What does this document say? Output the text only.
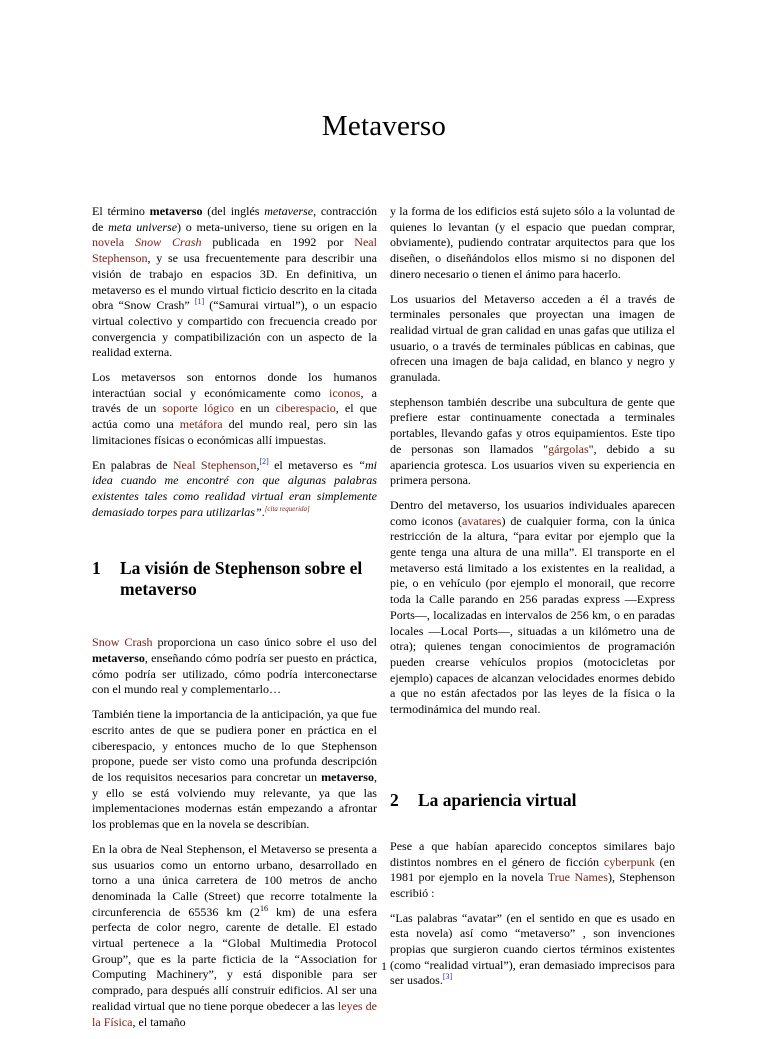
Metaverso

El término metaverso (del inglés metaverse, contracción de meta universe) o meta-universo, tiene su origen en la novela Snow Crash publicada en 1992 por Neal Stephenson, y se usa frecuentemente para describir una visión de trabajo en espacios 3D. En definitiva, un metaverso es el mundo virtual ficticio descrito en la citada obra “Snow Crash” [1] (“Samurai virtual”), o un espacio virtual colectivo y compartido con frecuencia creado por convergencia y compatibilización con un aspecto de la realidad externa.

Los metaversos son entornos donde los humanos interactúan social y económicamente como iconos, a través de un soporte lógico en un ciberespacio, el que actúa como una metáfora del mundo real, pero sin las limitaciones físicas o económicas allí impuestas.

En palabras de Neal Stephenson,[2] el metaverso es “mi idea cuando me encontré con que algunas palabras existentes tales como realidad virtual eran simplemente demasiado torpes para utilizarlas”.[cita requerida]

1	La visión de Stephenson sobre el metaverso

Snow Crash proporciona un caso único sobre el uso del metaverso, enseñando cómo podría ser puesto en práctica, cómo podría ser utilizado, cómo podría interconectarse con el mundo real y complementarlo…

También tiene la importancia de la anticipación, ya que fue escrito antes de que se pudiera poner en práctica en el ciberespacio, y entonces mucho de lo que Stephenson propone, puede ser visto como una profunda descripción de los requisitos necesarios para concretar un metaverso, y ello se está volviendo muy relevante, ya que las implementaciones modernas están empezando a afrontar los problemas que en la novela se describían.

En la obra de Neal Stephenson, el Metaverso se presenta a sus usuarios como un entorno urbano, desarrollado en torno a una única carretera de 100 metros de ancho denominada la Calle (Street) que recorre totalmente la circunferencia de 65536 km ($2^{16}$ km) de una esfera perfecta de color negro, carente de detalle. El estado virtual pertenece a la “Global Multimedia Protocol Group”, que es la parte ficticia de la “Association for Computing Machinery”, y está disponible para ser comprado, para después allí construir edificios. Al ser una realidad virtual que no tiene porque obedecer a las leyes de la Física, el tamaño

y la forma de los edificios está sujeto sólo a la voluntad de quienes lo levantan (y el espacio que puedan comprar, obviamente), pudiendo contratar arquitectos para que los diseñen, o diseñándolos ellos mismo si no disponen del dinero necesario o tienen el ánimo para hacerlo.

Los usuarios del Metaverso acceden a él a través de terminales personales que proyectan una imagen de realidad virtual de gran calidad en unas gafas que utiliza el usuario, o a través de terminales públicas en cabinas, que ofrecen una imagen de baja calidad, en blanco y negro y granulada.

stephenson también describe una subcultura de gente que prefiere estar continuamente conectada a terminales portables, llevando gafas y otros equipamientos. Este tipo de personas son llamados "gárgolas", debido a su apariencia grotesca. Los usuarios viven su experiencia en primera persona.

Dentro del metaverso, los usuarios individuales aparecen como iconos (avatares) de cualquier forma, con la única restricción de la altura, “para evitar por ejemplo que la gente tenga una altura de una milla”. El transporte en el metaverso está limitado a los existentes en la realidad, a pie, o en vehículo (por ejemplo el monorail, que recorre toda la Calle parando en 256 paradas express —Express Ports—, localizadas en intervalos de 256 km, o en paradas locales —Local Ports—, situadas a un kilómetro una de otra); quienes tengan conocimientos de programación pueden crearse vehículos propios (motocicletas por ejemplo) capaces de alcanzan velocidades enormes debido a que no están afectados por las leyes de la física o la termodinámica del mundo real.

2	La apariencia virtual

Pese a que habían aparecido conceptos similares bajo distintos nombres en el género de ficción cyberpunk (en 1981 por ejemplo en la novela True Names), Stephenson escribió :

“Las palabras “avatar” (en el sentido en que es usado en esta novela) así como “metaverso” , son invenciones propias que surgieron cuando ciertos términos existentes (como “realidad virtual”), eran demasiado imprecisos para ser usados.[3]

1
